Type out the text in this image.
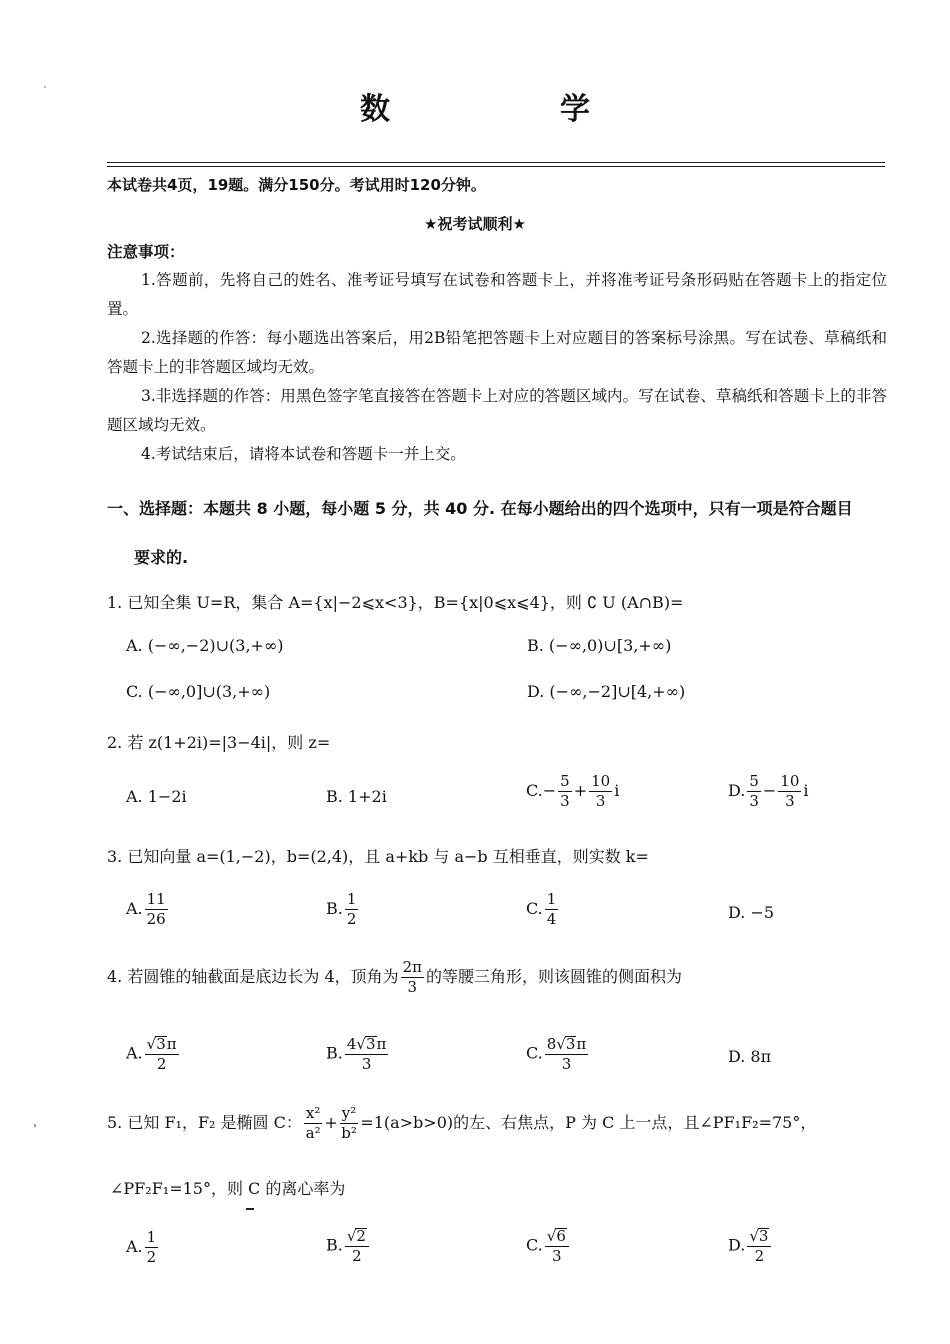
数　学
本试卷共4页，19题。满分150分。考试用时120分钟。
★祝考试顺利★
注意事项：

1.答题前，先将自己的姓名、准考证号填写在试卷和答题卡上，并将准考证号条形码贴在答题卡上的指定位置。

2.选择题的作答：每小题选出答案后，用2B铅笔把答题卡上对应题目的答案标号涂黑。写在试卷、草稿纸和答题卡上的非答题区域均无效。

3.非选择题的作答：用黑色签字笔直接答在答题卡上对应的答题区域内。写在试卷、草稿纸和答题卡上的非答题区域均无效。

4.考试结束后，请将本试卷和答题卡一并上交。

一、选择题：本题共 8 小题，每小题 5 分，共 40 分. 在每小题给出的四个选项中，只有一项是符合题目
要求的.
1. 已知全集 U=R，集合 A={x|−2⩽x<3}，B={x|0⩽x⩽4}，则 ∁ U (A∩B)=
A. (−∞,−2)∪(3,+∞)	B. (−∞,0)∪[3,+∞)
C. (−∞,0]∪(3,+∞)	D. (−∞,−2]∪[4,+∞)
2. 若 z(1+2i)=|3−4i|，则 z=
A. 1−2i	B. 1+2i	$C.- \frac{5}{3} + \frac{10}{3}$ i	D. $\frac{5}{3} - \frac{10}{3}$ i
3. 已知向量 a=(1,−2)，b=(2,4)，且 a+kb 与 a−b 互相垂直，则实数 k=
A. $\frac{11}{26}$	B. $\frac{1}{2}$	C. $\frac{1}{4}$	D. −5
4. 若圆锥的轴截面是底边长为 4，顶角为 $\frac{2\pi}{3}$ 的等腰三角形，则该圆锥的侧面积为
A. $\frac{√3\pi}{2}$	B. $\frac{4√3\pi}{3}$	C. $\frac{8√3\pi}{3}$	D. 8π
5. 已知 F₁，F₂ 是椭圆 C： $\frac{\text{x²}}{\text{a²}} + \frac{\text{y²}}{\text{b²}} =1(a>b>0)$的左、右焦点，P 为 C 上一点，且∠PF₁F₂=75°，
∠PF₂F₁=15°，则 C 的离心率为
A. $\frac{1}{2}$	B. $\frac{√2}{2}$	C. $\frac{√6}{3}$	D. $\frac{√3}{2}$
